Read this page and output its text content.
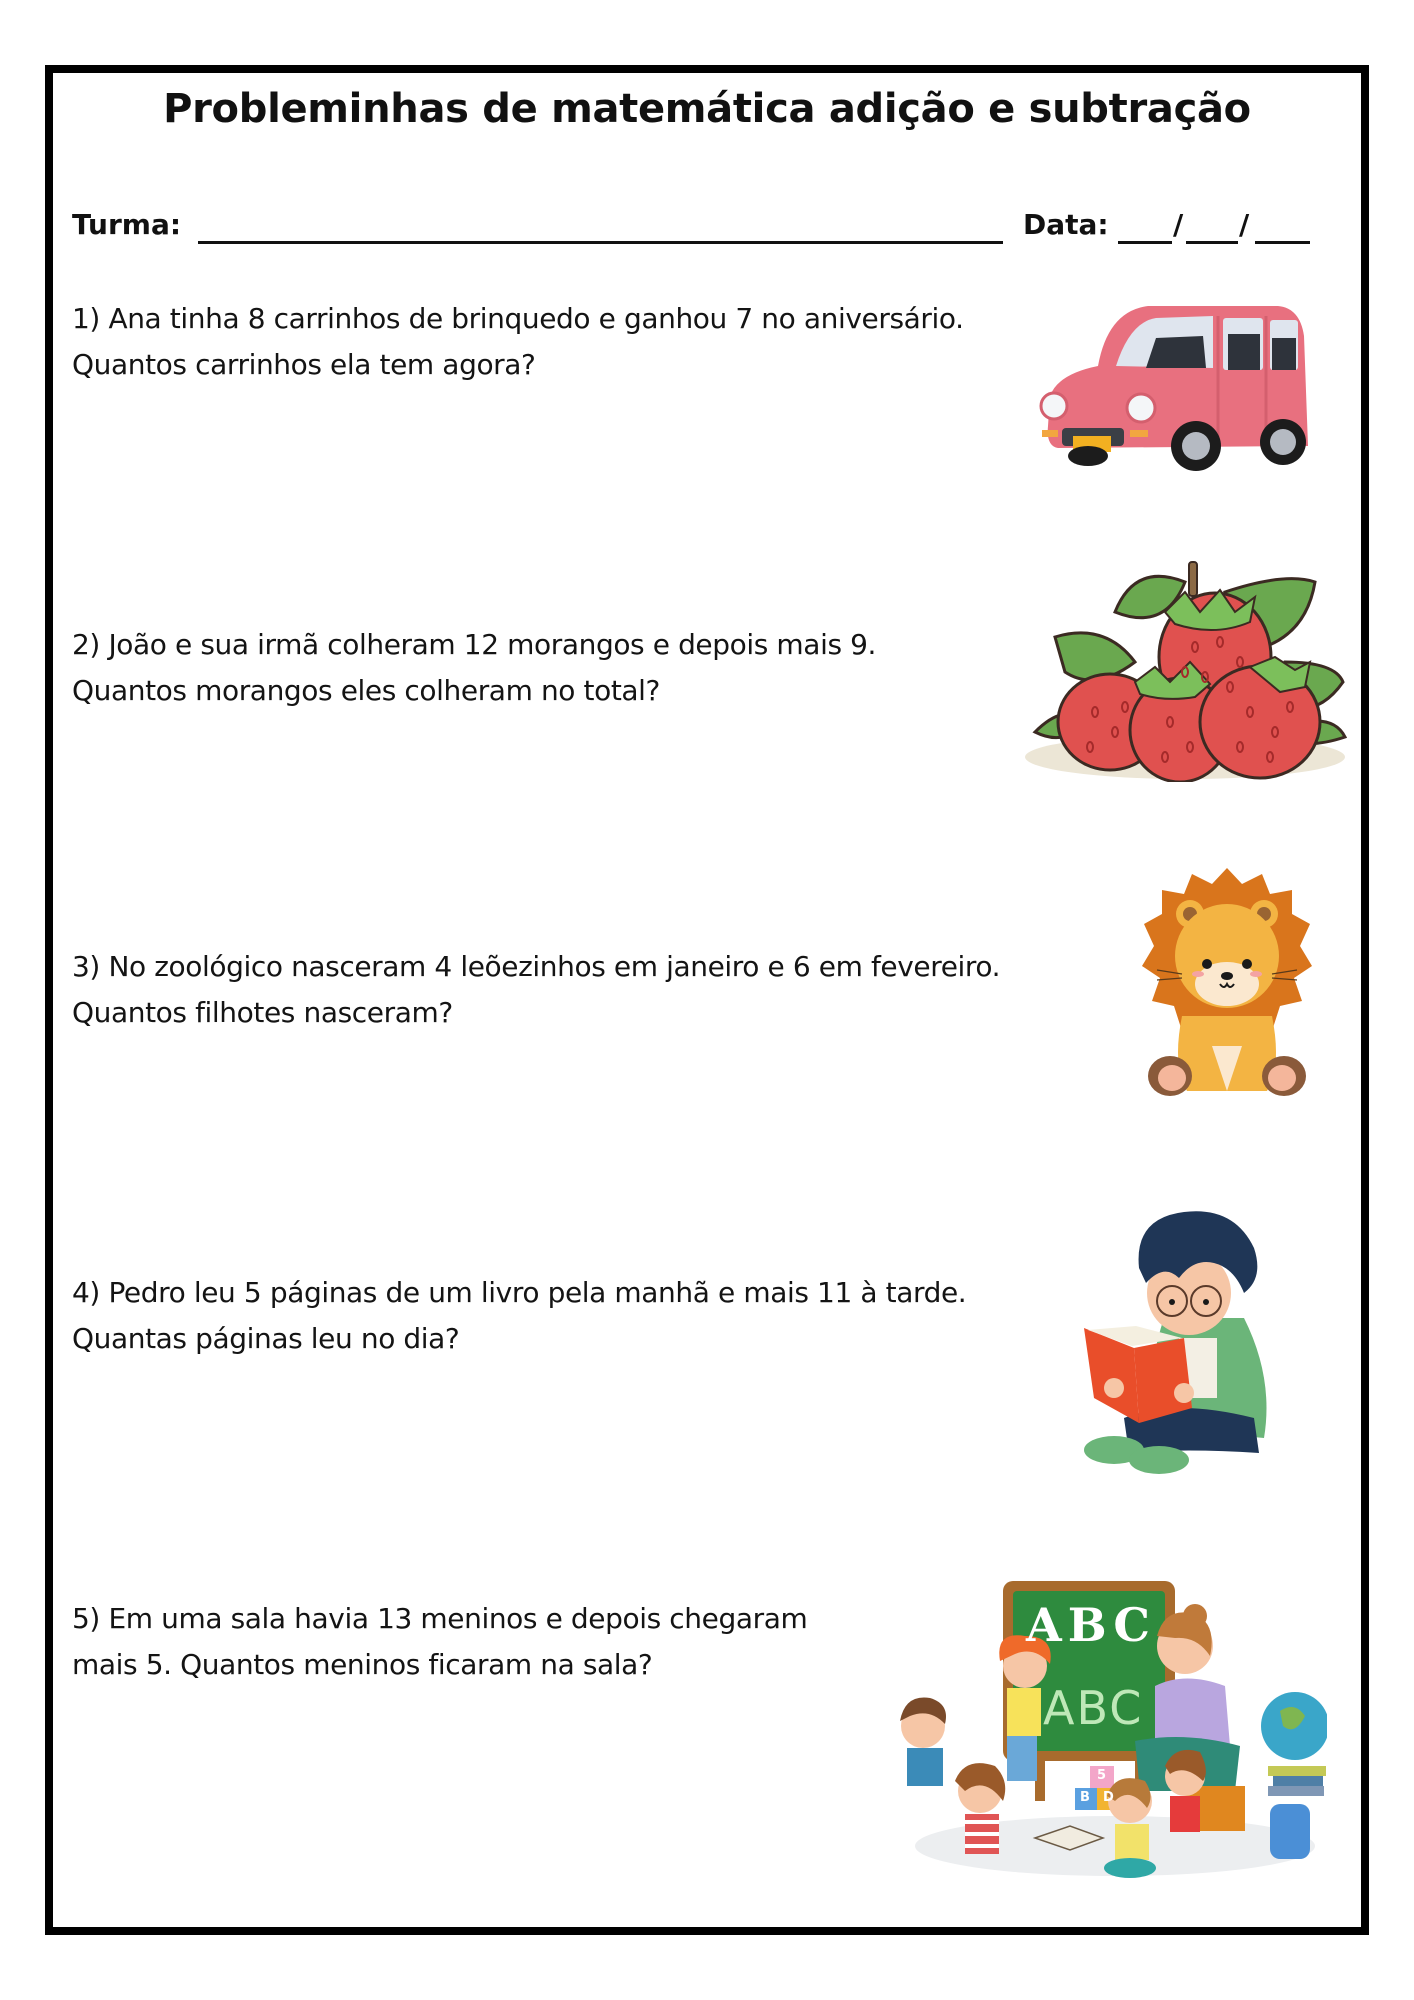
Probleminhas de matemática adição e subtração
Turma:	Data: / /

1) Ana tinha 8 carrinhos de brinquedo e ganhou 7 no aniversário.

Quantos carrinhos ela tem agora?

2) João e sua irmã colheram 12 morangos e depois mais 9.

Quantos morangos eles colheram no total?

3) No zoológico nasceram 4 leõezinhos em janeiro e 6 em fevereiro.

Quantos filhotes nasceram?

4) Pedro leu 5 páginas de um livro pela manhã e mais 11 à tarde.

Quantas páginas leu no dia?

5) Em uma sala havia 13 meninos e depois chegaram

mais 5. Quantos meninos ficaram na sala?

ABC
ABC
B D
5
